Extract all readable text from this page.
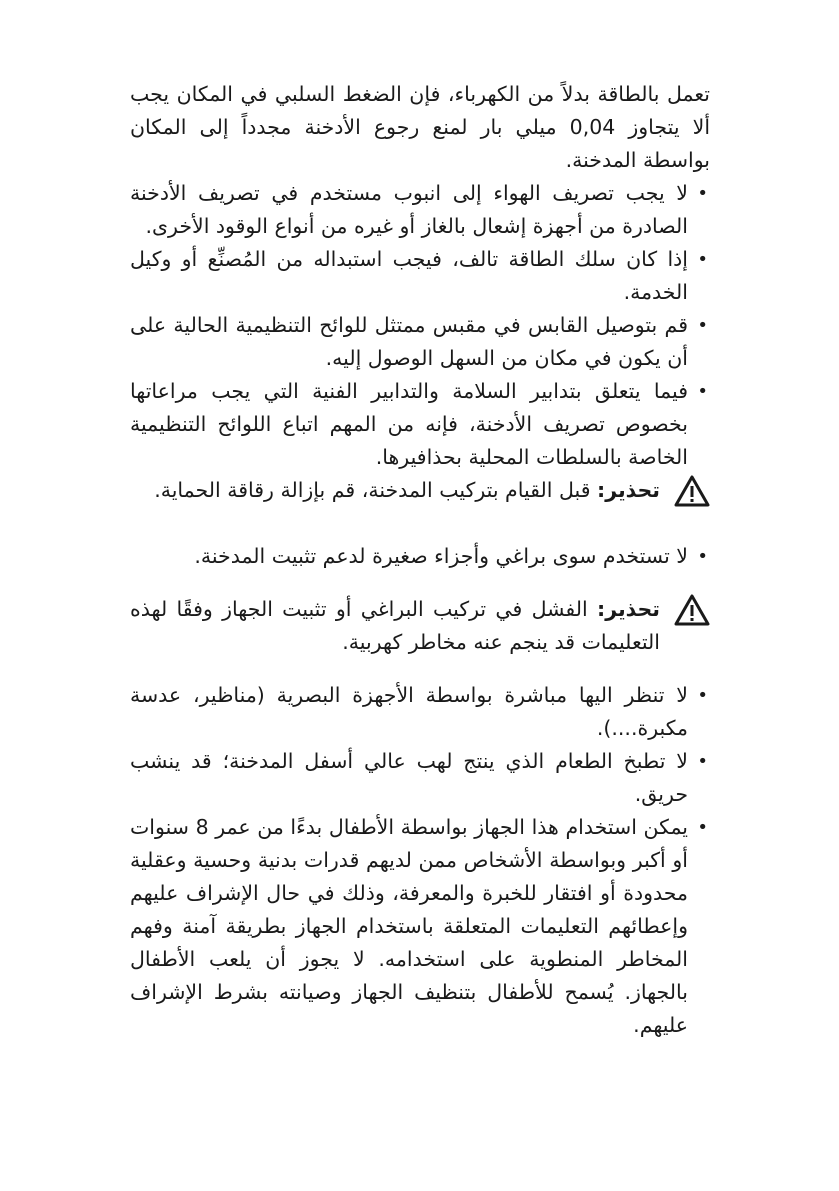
تعمل بالطاقة بدلاً من الكهرباء، فإن الضغط السلبي في المكان يجب ألا يتجاوز 0,04 ميلي بار لمنع رجوع الأدخنة مجدداً إلى المكان بواسطة المدخنة.

•
لا يجب تصريف الهواء إلى انبوب مستخدم في تصريف الأدخنة الصادرة من أجهزة إشعال بالغاز أو غيره من أنواع الوقود الأخرى.

•
إذا كان سلك الطاقة تالف، فيجب استبداله من المُصنِّع أو وكيل الخدمة.

•
قم بتوصيل القابس في مقبس ممتثل للوائح التنظيمية الحالية على أن يكون في مكان من السهل الوصول إليه.

•
فيما يتعلق بتدابير السلامة والتدابير الفنية التي يجب مراعاتها بخصوص تصريف الأدخنة، فإنه من المهم اتباع اللوائح التنظيمية الخاصة بالسلطات المحلية بحذافيرها.

تحذير: قبل القيام بتركيب المدخنة، قم بإزالة رقاقة الحماية.

•
لا تستخدم سوى براغي وأجزاء صغيرة لدعم تثبيت المدخنة.

تحذير: الفشل في تركيب البراغي أو تثبيت الجهاز وفقًا لهذه التعليمات قد ينجم عنه مخاطر كهربية.

•
لا تنظر اليها مباشرة بواسطة الأجهزة البصرية (مناظير، عدسة مكبرة....).

•
لا تطبخ الطعام الذي ينتج لهب عالي أسفل المدخنة؛ قد ينشب حريق.

•
يمكن استخدام هذا الجهاز بواسطة الأطفال بدءًا من عمر 8 سنوات أو أكبر وبواسطة الأشخاص ممن لديهم قدرات بدنية وحسية وعقلية محدودة أو افتقار للخبرة والمعرفة، وذلك في حال الإشراف عليهم وإعطائهم التعليمات المتعلقة باستخدام الجهاز بطريقة آمنة وفهم المخاطر المنطوية على استخدامه. لا يجوز أن يلعب الأطفال بالجهاز. يُسمح للأطفال بتنظيف الجهاز وصيانته بشرط الإشراف عليهم.
